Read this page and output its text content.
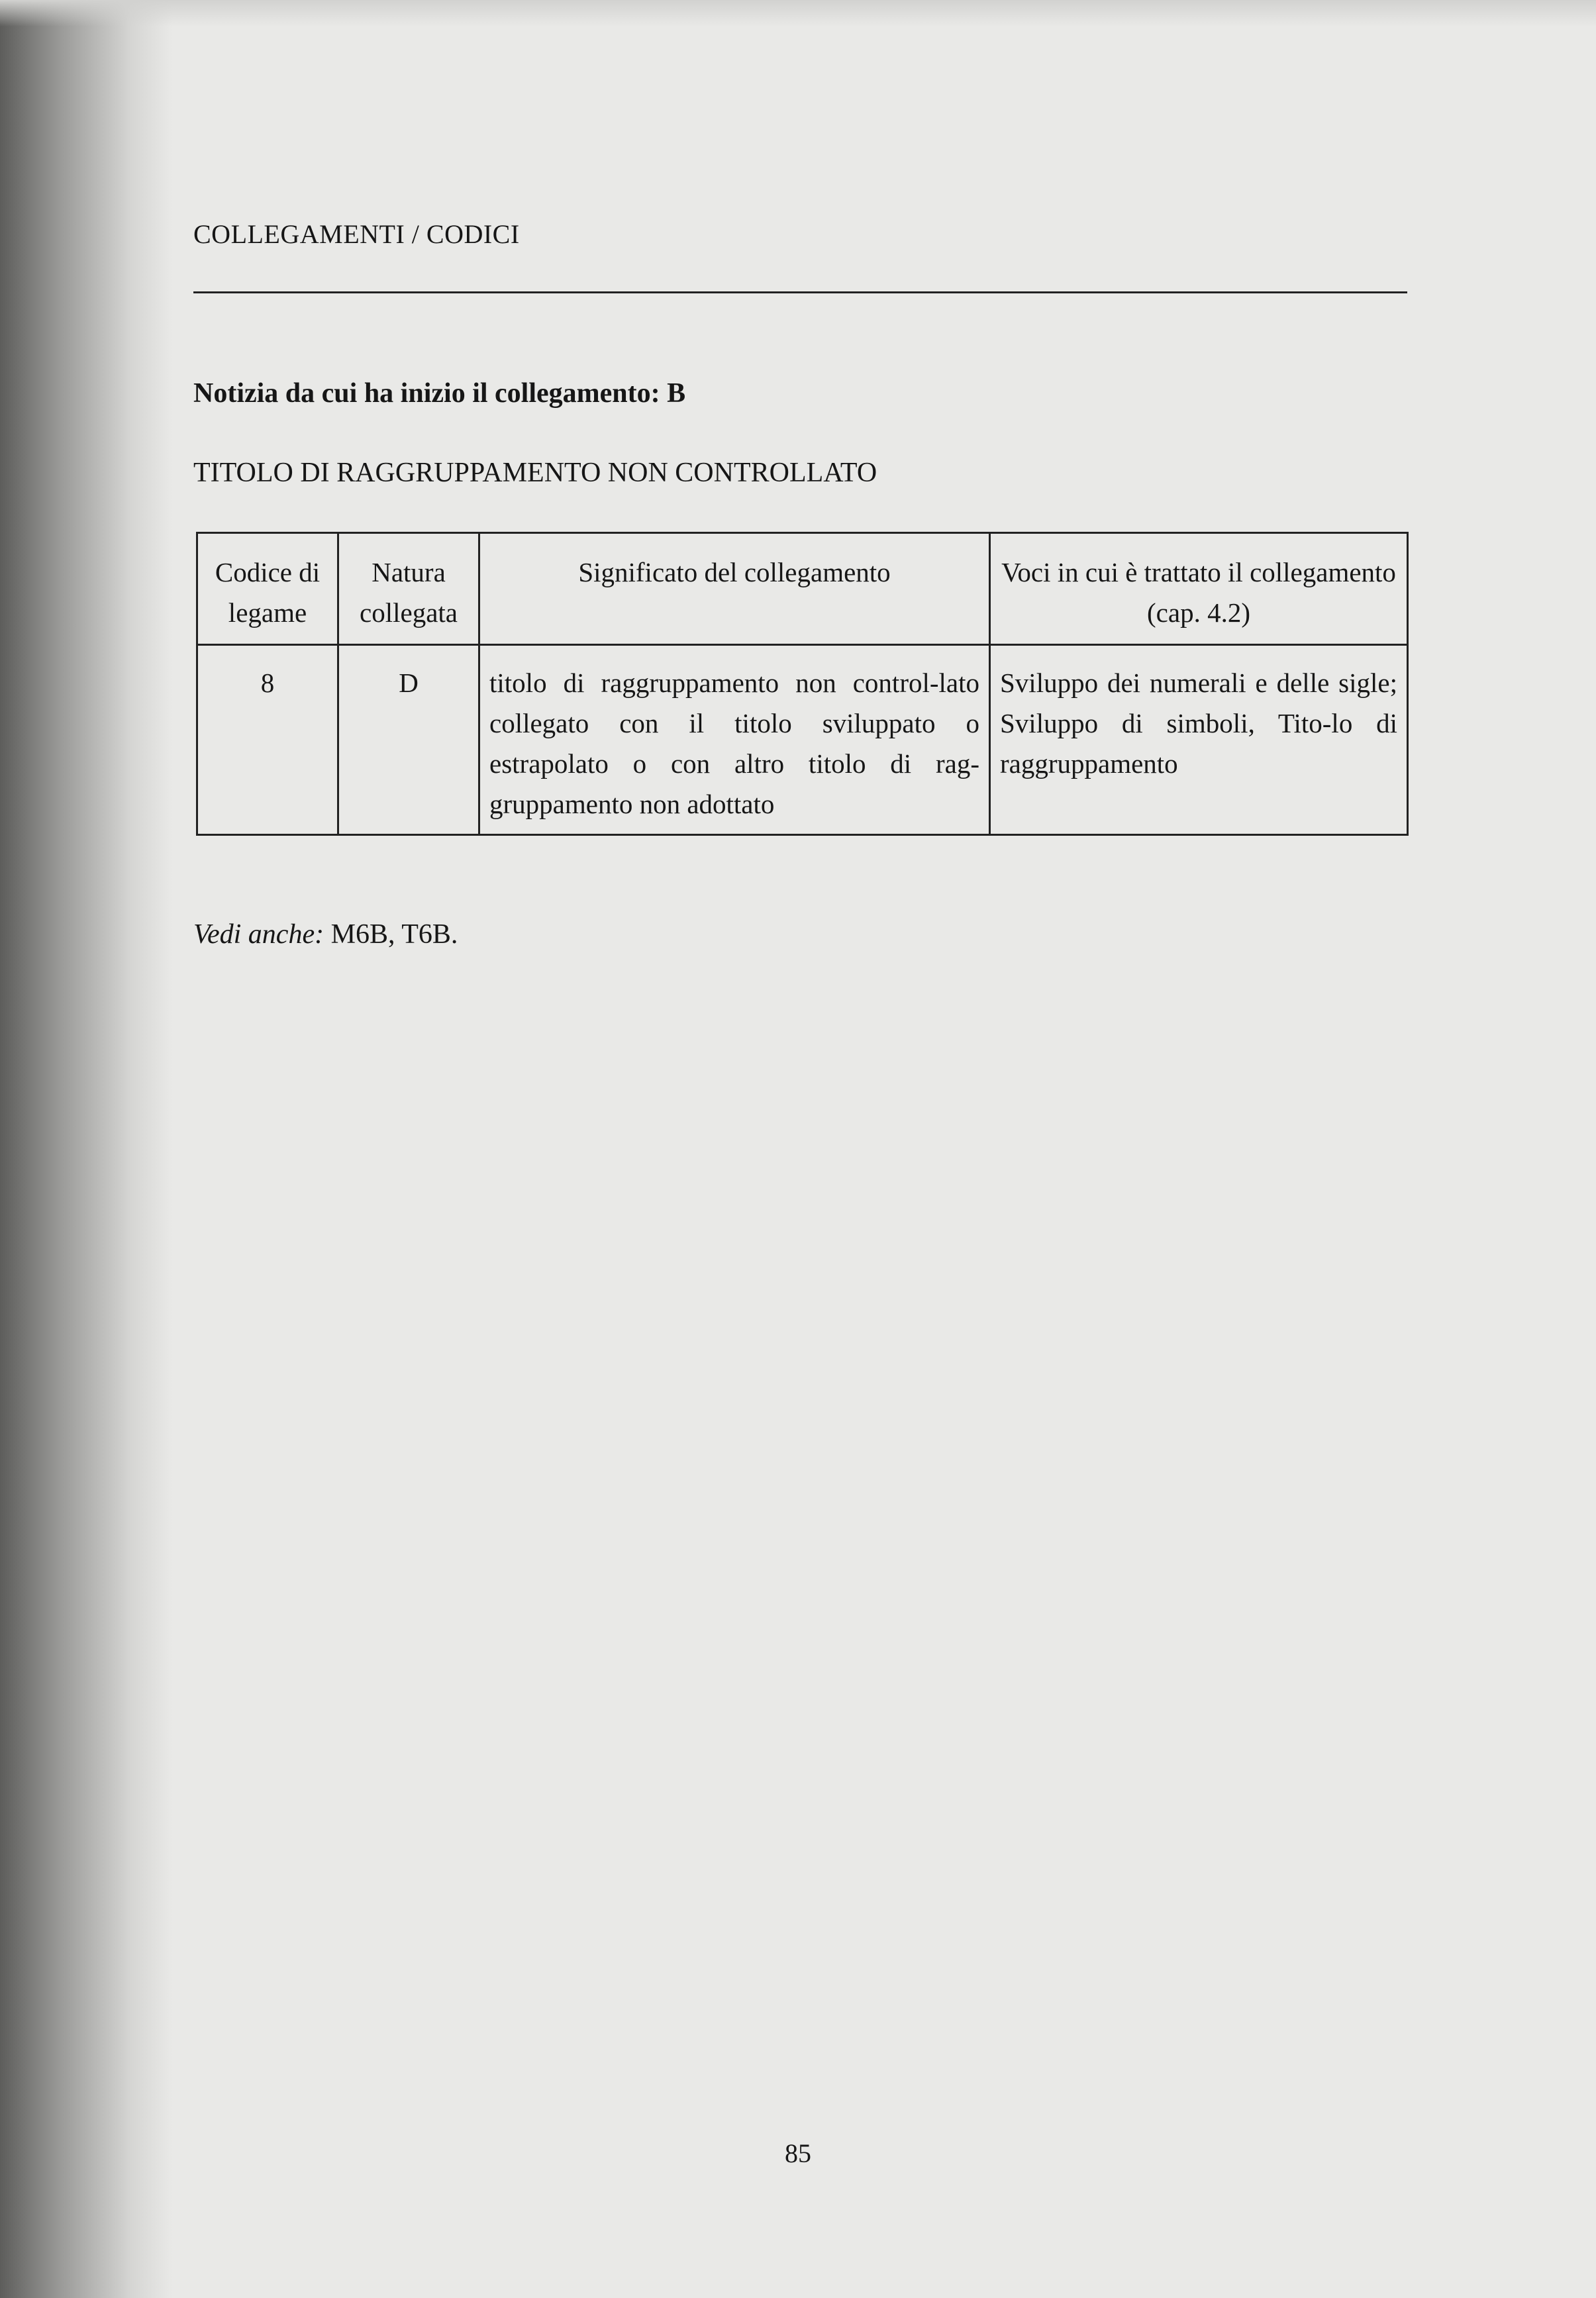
COLLEGAMENTI / CODICI
Notizia da cui ha inizio il collegamento: B
TITOLO DI RAGGRUPPAMENTO NON CONTROLLATO
Codice di legame	Natura collegata	Significato del collegamento	Voci in cui è trattato il collegamento (cap. 4.2)
8	D	titolo di raggruppamento non control-lato collegato con il titolo sviluppato o estrapolato o con altro titolo di rag-gruppamento non adottato	Sviluppo dei numerali e delle sigle; Sviluppo di simboli, Tito-lo di raggruppamento
Vedi anche: M6B, T6B.
85
